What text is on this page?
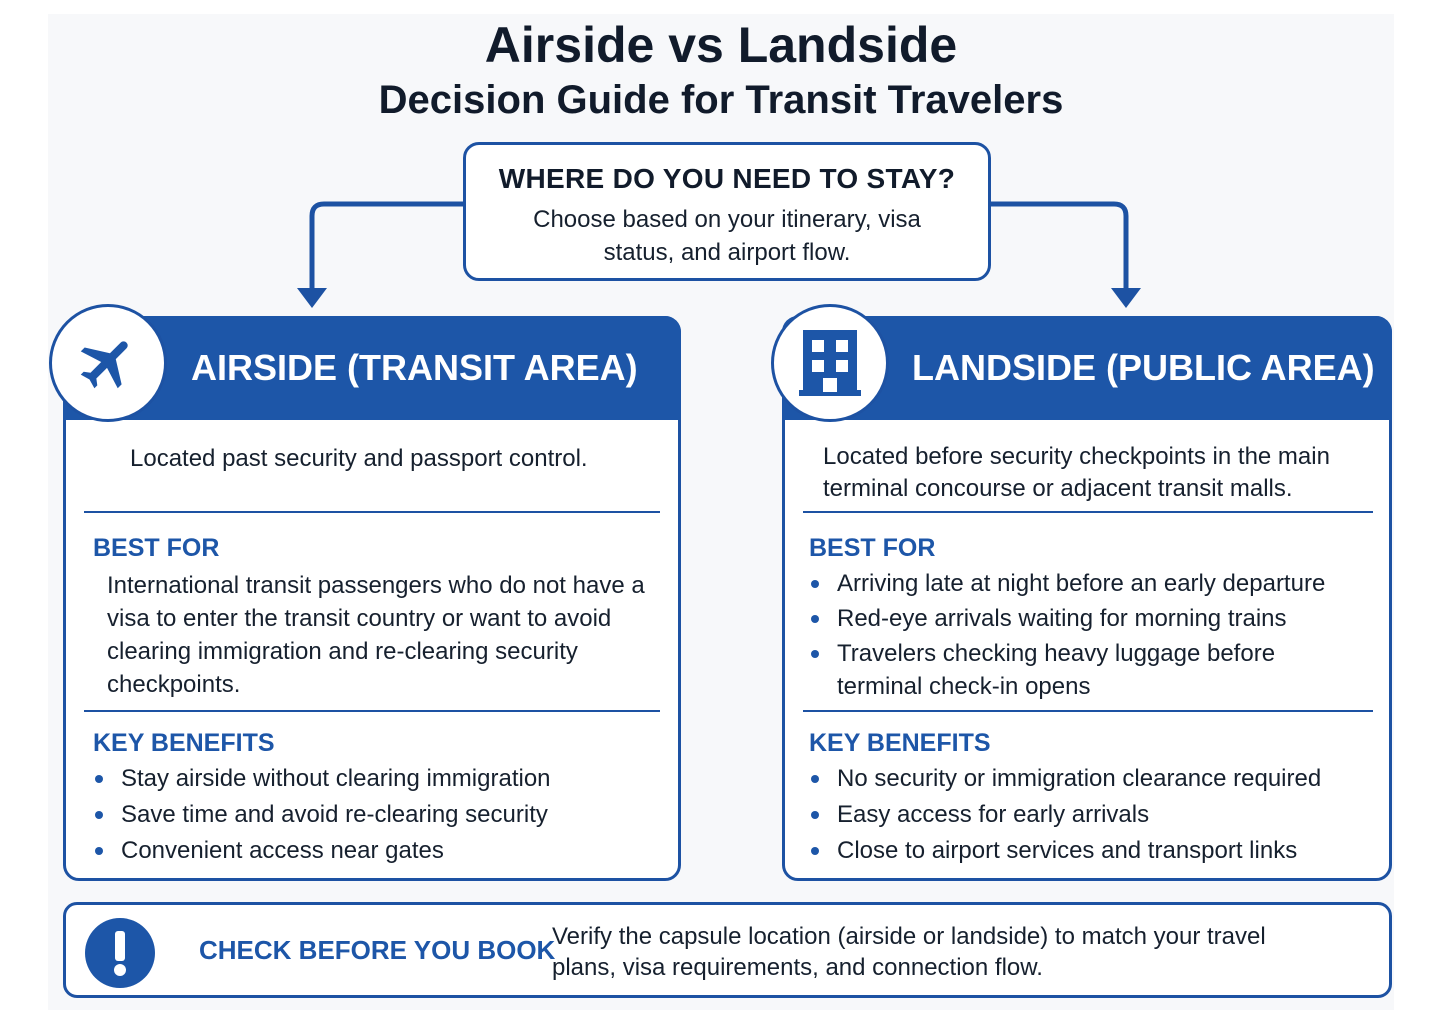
Airside vs Landside
Decision Guide for Transit Travelers
WHERE DO YOU NEED TO STAY?
Choose based on your itinerary, visa status, and airport flow.
AIRSIDE (TRANSIT AREA)
Located past security and passport control.
BEST FOR
International transit passengers who do not have a visa to enter the transit country or want to avoid clearing immigration and re-clearing security checkpoints.
KEY BENEFITS
Stay airside without clearing immigration
Save time and avoid re-clearing security
Convenient access near gates
LANDSIDE (PUBLIC AREA)
Located before security checkpoints in the main terminal concourse or adjacent transit malls.
BEST FOR
Arriving late at night before an early departure
Red-eye arrivals waiting for morning trains
Travelers checking heavy luggage before terminal check-in opens
KEY BENEFITS
No security or immigration clearance required
Easy access for early arrivals
Close to airport services and transport links
CHECK BEFORE YOU BOOK
Verify the capsule location (airside or landside) to match your travel plans, visa requirements, and connection flow.
